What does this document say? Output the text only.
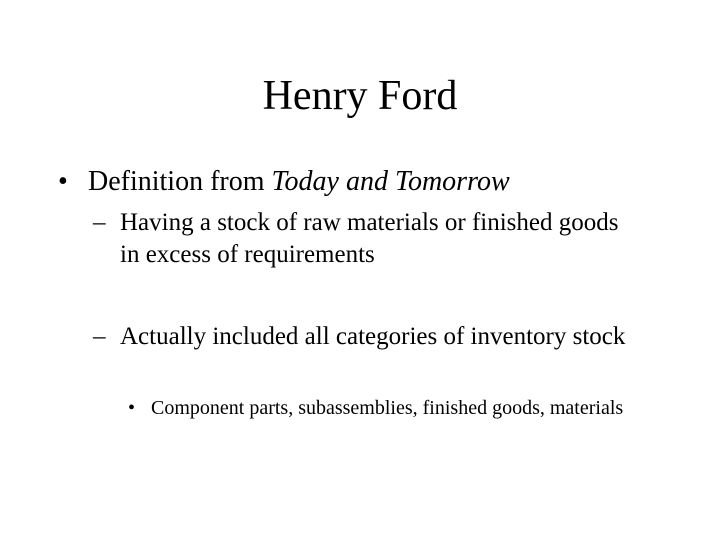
Henry Ford
• Definition from Today and Tomorrow
– Having a stock of raw materials or finished goods in excess of requirements
– Actually included all categories of inventory stock
• Component parts, subassemblies, finished goods, materials
